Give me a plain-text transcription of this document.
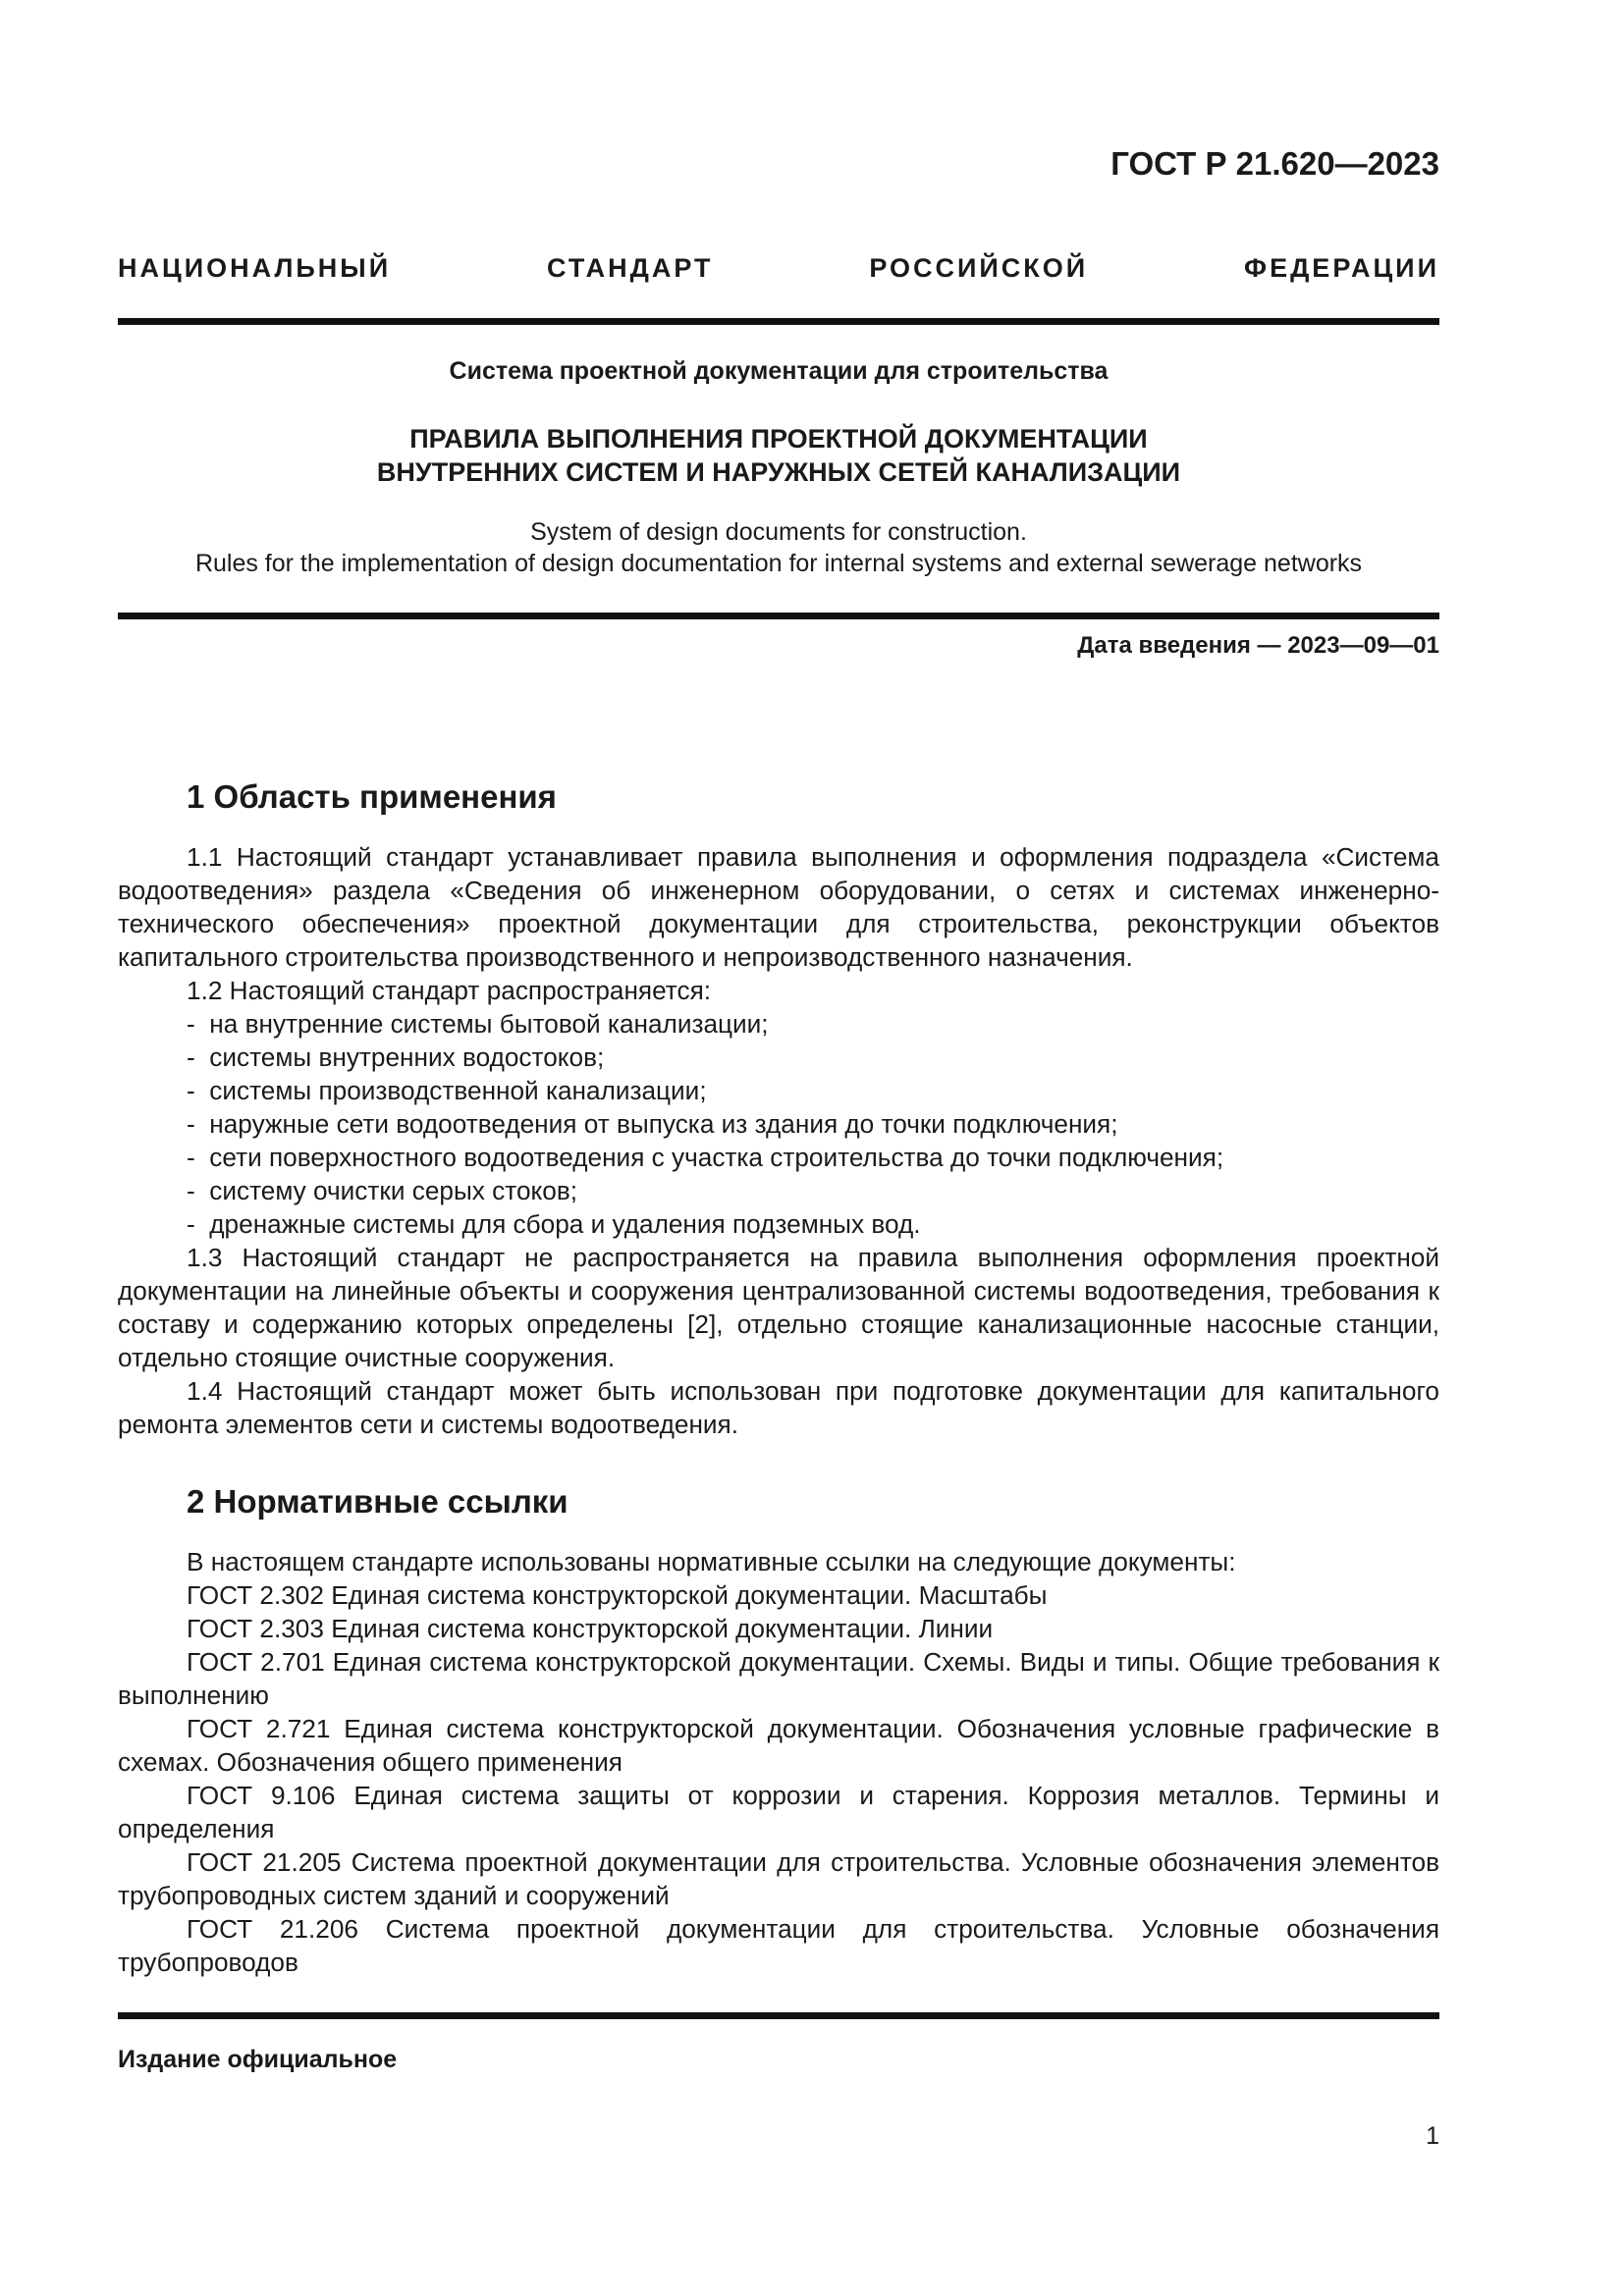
ГОСТ Р 21.620—2023
НАЦИОНАЛЬНЫЙ СТАНДАРТ РОССИЙСКОЙ ФЕДЕРАЦИИ
Система проектной документации для строительства
ПРАВИЛА ВЫПОЛНЕНИЯ ПРОЕКТНОЙ ДОКУМЕНТАЦИИ
ВНУТРЕННИХ СИСТЕМ И НАРУЖНЫХ СЕТЕЙ КАНАЛИЗАЦИИ
System of design documents for construction.
Rules for the implementation of design documentation for internal systems and external sewerage networks
Дата введения — 2023—09—01
1 Область применения

1.1 Настоящий стандарт устанавливает правила выполнения и оформления подраздела «Система водоотведения» раздела «Сведения об инженерном оборудовании, о сетях и системах инженерно-технического обеспечения» проектной документации для строительства, реконструкции объектов капитального строительства производственного и непроизводственного назначения.

1.2 Настоящий стандарт распространяется:

-  на внутренние системы бытовой канализации;
-  системы внутренних водостоков;
-  системы производственной канализации;
-  наружные сети водоотведения от выпуска из здания до точки подключения;
-  сети поверхностного водоотведения с участка строительства до точки подключения;
-  систему очистки серых стоков;
-  дренажные системы для сбора и удаления подземных вод.

1.3 Настоящий стандарт не распространяется на правила выполнения оформления проектной документации на линейные объекты и сооружения централизованной системы водоотведения, требования к составу и содержанию которых определены [2], отдельно стоящие канализационные насосные станции, отдельно стоящие очистные сооружения.

1.4 Настоящий стандарт может быть использован при подготовке документации для капитального ремонта элементов сети и системы водоотведения.

2 Нормативные ссылки

В настоящем стандарте использованы нормативные ссылки на следующие документы:

ГОСТ 2.302 Единая система конструкторской документации. Масштабы

ГОСТ 2.303 Единая система конструкторской документации. Линии

ГОСТ 2.701 Единая система конструкторской документации. Схемы. Виды и типы. Общие требования к выполнению

ГОСТ 2.721 Единая система конструкторской документации. Обозначения условные графические в схемах. Обозначения общего применения

ГОСТ 9.106 Единая система защиты от коррозии и старения. Коррозия металлов. Термины и определения

ГОСТ 21.205 Система проектной документации для строительства. Условные обозначения элементов трубопроводных систем зданий и сооружений

ГОСТ 21.206 Система проектной документации для строительства. Условные обозначения трубопроводов

Издание официальное
1
